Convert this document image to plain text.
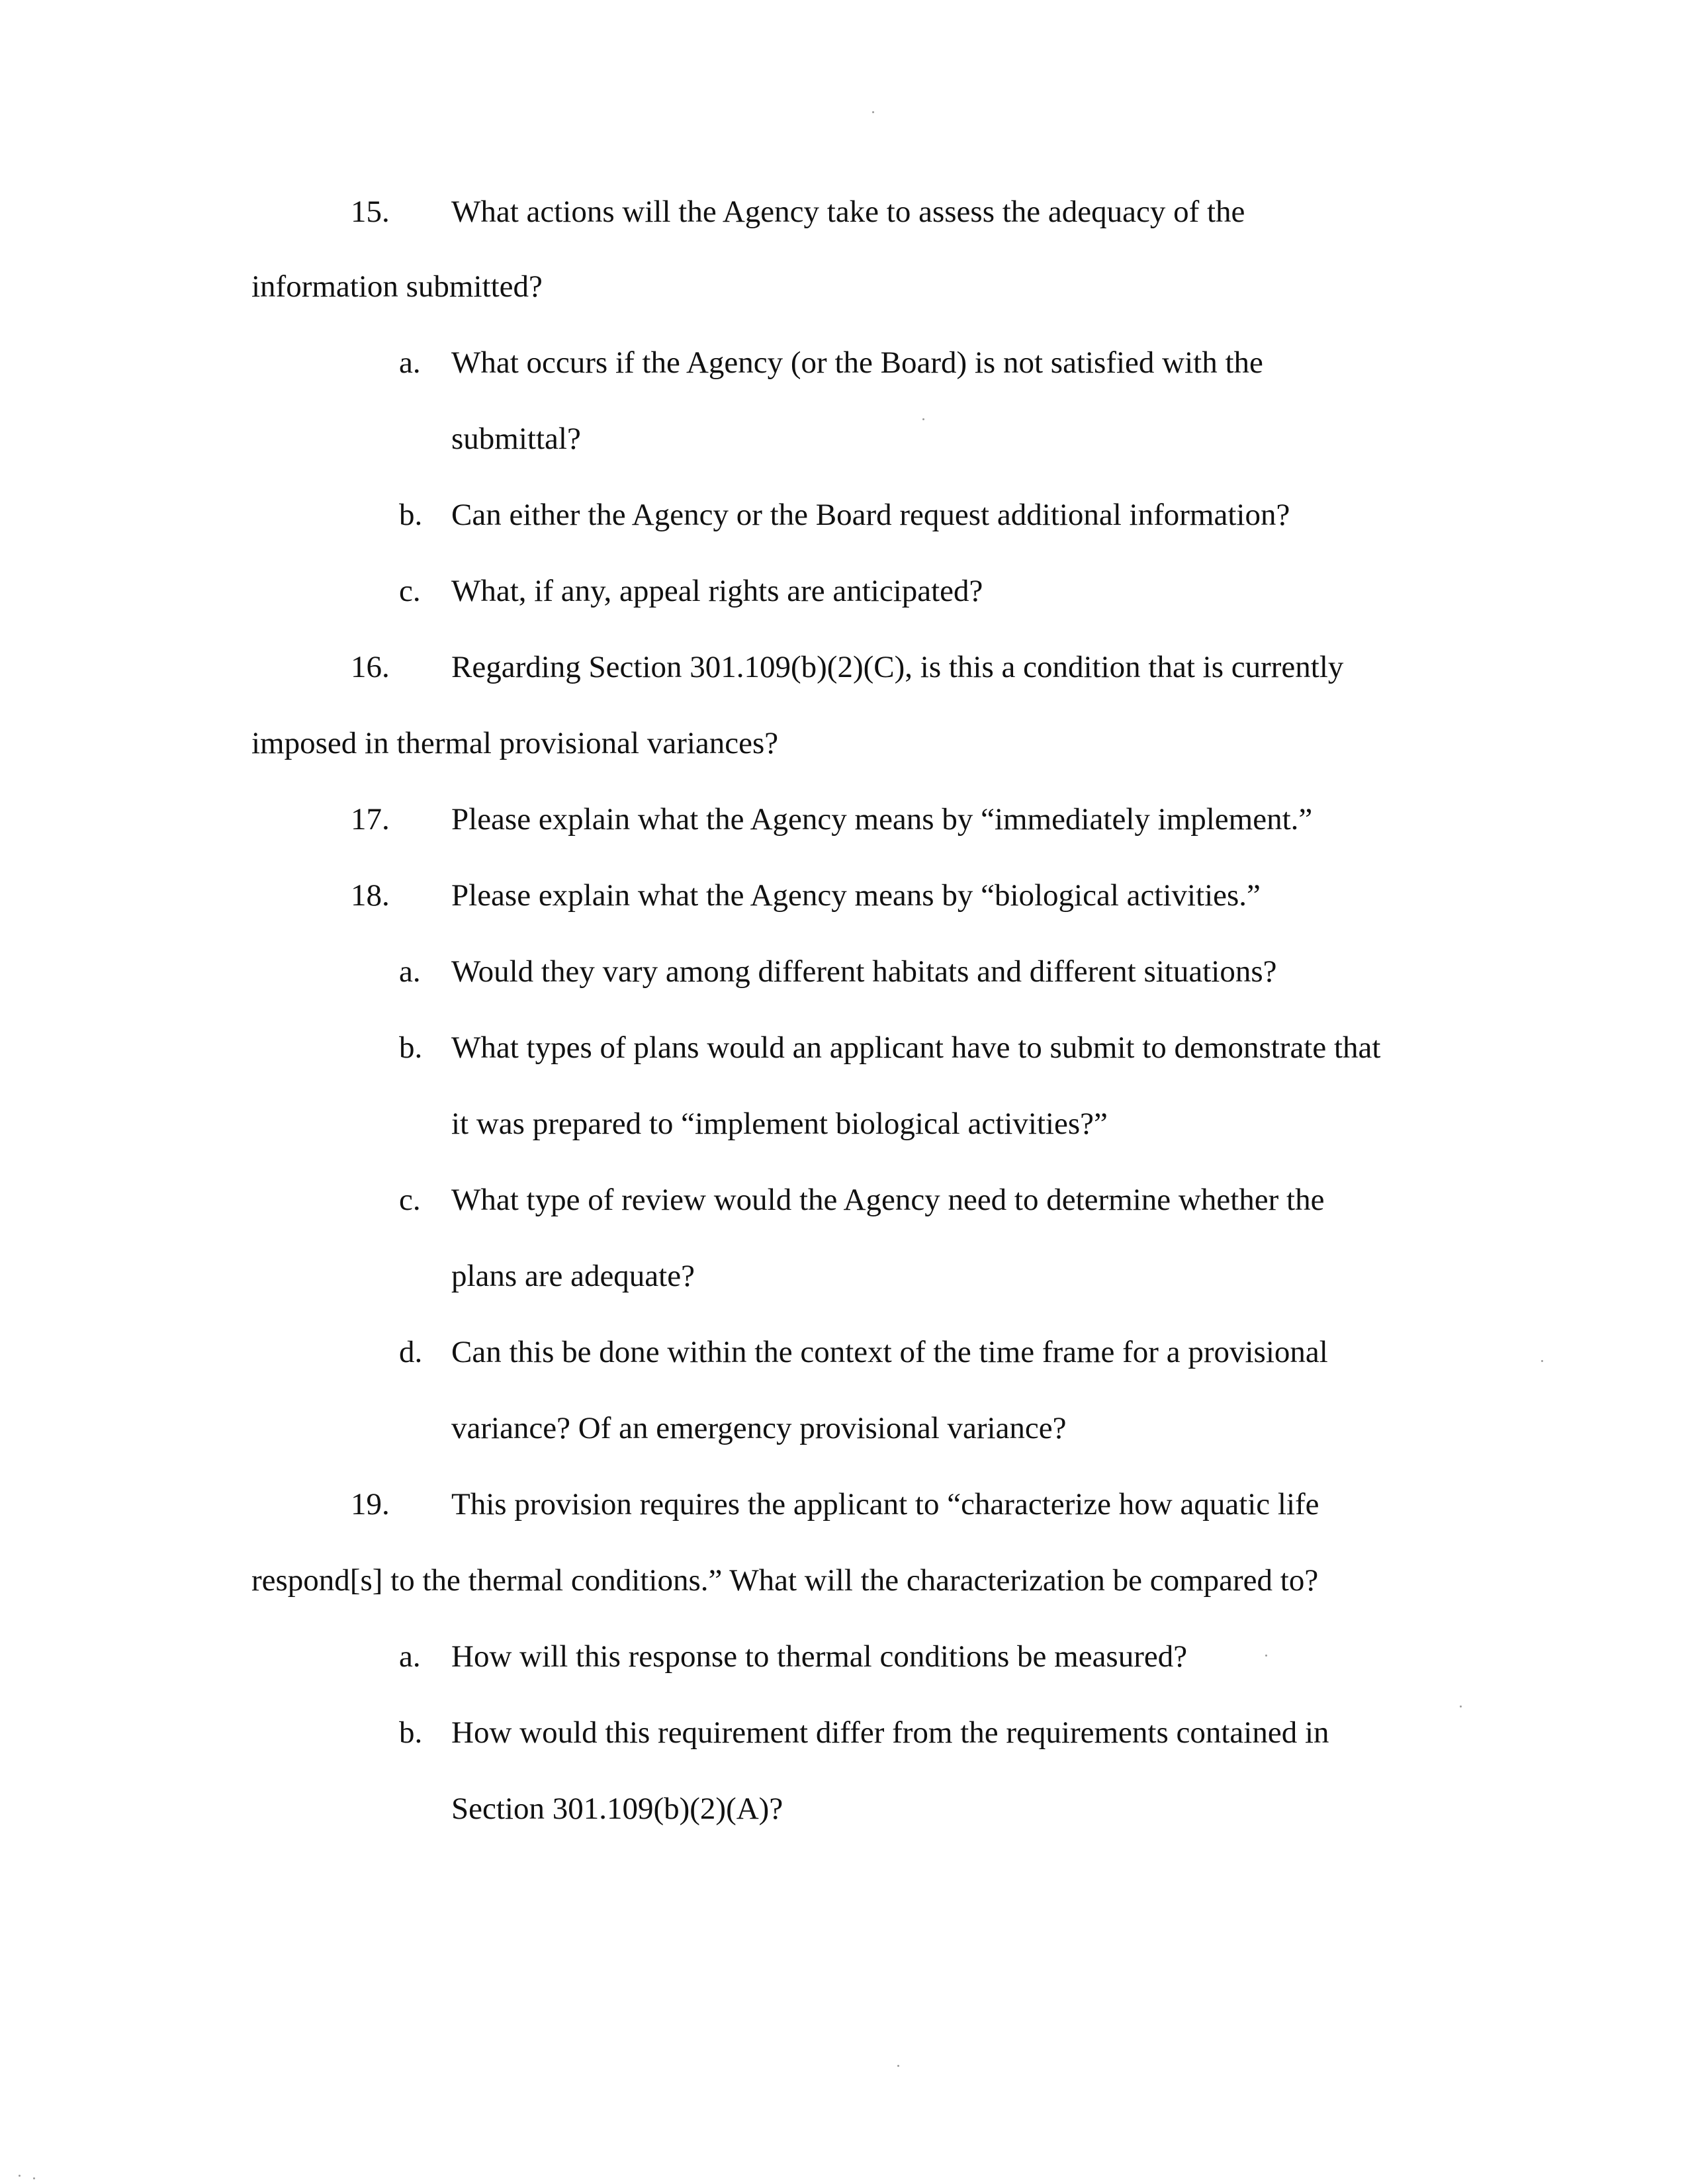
15. What actions will the Agency take to assess the adequacy of the
information submitted?
a. What occurs if the Agency (or the Board) is not satisfied with the
submittal?
b. Can either the Agency or the Board request additional information?
c. What, if any, appeal rights are anticipated?
16. Regarding Section 301.109(b)(2)(C), is this a condition that is currently
imposed in thermal provisional variances?
17. Please explain what the Agency means by “immediately implement.”
18. Please explain what the Agency means by “biological activities.”
a. Would they vary among different habitats and different situations?
b. What types of plans would an applicant have to submit to demonstrate that
it was prepared to “implement biological activities?”
c. What type of review would the Agency need to determine whether the
plans are adequate?
d. Can this be done within the context of the time frame for a provisional
variance? Of an emergency provisional variance?
19. This provision requires the applicant to “characterize how aquatic life
respond[s] to the thermal conditions.” What will the characterization be compared to?
a. How will this response to thermal conditions be measured?
b. How would this requirement differ from the requirements contained in
Section 301.109(b)(2)(A)?
